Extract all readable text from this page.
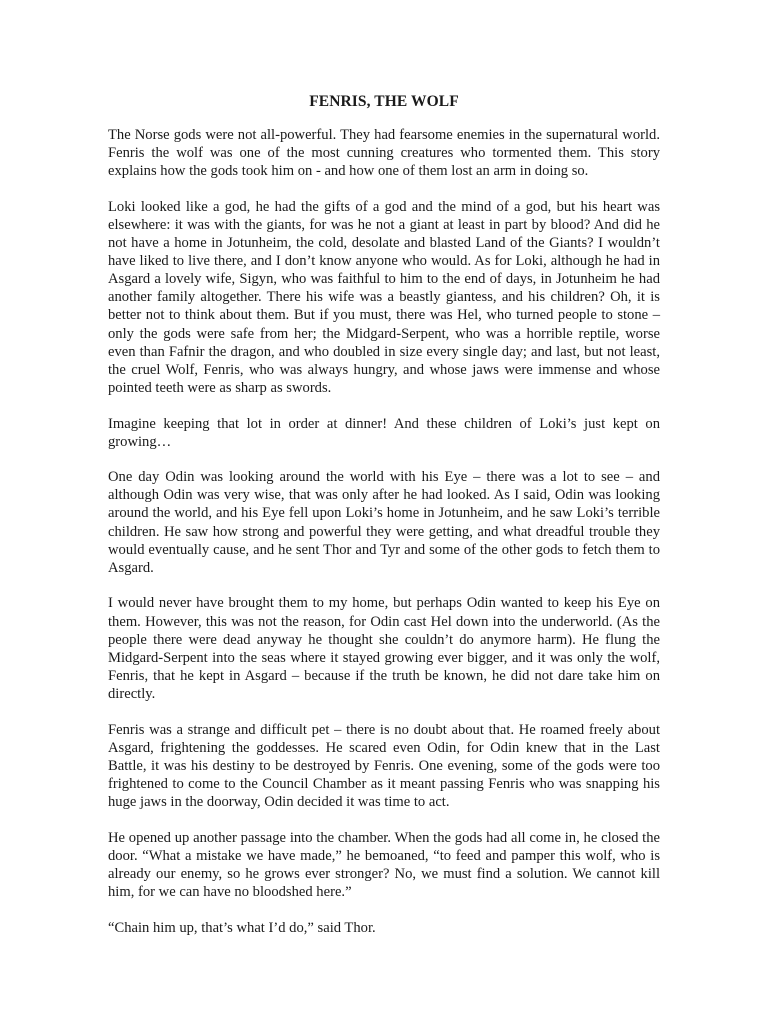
FENRIS, THE WOLF

The Norse gods were not all-powerful. They had fearsome enemies in the supernatural world. Fenris the wolf was one of the most cunning creatures who tormented them. This story explains how the gods took him on - and how one of them lost an arm in doing so.

Loki looked like a god, he had the gifts of a god and the mind of a god, but his heart was elsewhere: it was with the giants, for was he not a giant at least in part by blood? And did he not have a home in Jotunheim, the cold, desolate and blasted Land of the Giants? I wouldn’t have liked to live there, and I don’t know anyone who would. As for Loki, although he had in Asgard a lovely wife, Sigyn, who was faithful to him to the end of days, in Jotunheim he had another family altogether. There his wife was a beastly giantess, and his children? Oh, it is better not to think about them. But if you must, there was Hel, who turned people to stone – only the gods were safe from her; the Midgard-Serpent, who was a horrible reptile, worse even than Fafnir the dragon, and who doubled in size every single day; and last, but not least, the cruel Wolf, Fenris, who was always hungry, and whose jaws were immense and whose pointed teeth were as sharp as swords.

Imagine keeping that lot in order at dinner! And these children of Loki’s just kept on growing…

One day Odin was looking around the world with his Eye – there was a lot to see – and although Odin was very wise, that was only after he had looked. As I said, Odin was looking around the world, and his Eye fell upon Loki’s home in Jotunheim, and he saw Loki’s terrible children. He saw how strong and powerful they were getting, and what dreadful trouble they would eventually cause, and he sent Thor and Tyr and some of the other gods to fetch them to Asgard.

I would never have brought them to my home, but perhaps Odin wanted to keep his Eye on them. However, this was not the reason, for Odin cast Hel down into the underworld. (As the people there were dead anyway he thought she couldn’t do anymore harm). He flung the Midgard-Serpent into the seas where it stayed growing ever bigger, and it was only the wolf, Fenris, that he kept in Asgard – because if the truth be known, he did not dare take him on directly.

Fenris was a strange and difficult pet – there is no doubt about that. He roamed freely about Asgard, frightening the goddesses. He scared even Odin, for Odin knew that in the Last Battle, it was his destiny to be destroyed by Fenris. One evening, some of the gods were too frightened to come to the Council Chamber as it meant passing Fenris who was snapping his huge jaws in the doorway, Odin decided it was time to act.

He opened up another passage into the chamber. When the gods had all come in, he closed the door. “What a mistake we have made,” he bemoaned, “to feed and pamper this wolf, who is already our enemy, so he grows ever stronger? No, we must find a solution. We cannot kill him, for we can have no bloodshed here.”

“Chain him up, that’s what I’d do,” said Thor.
